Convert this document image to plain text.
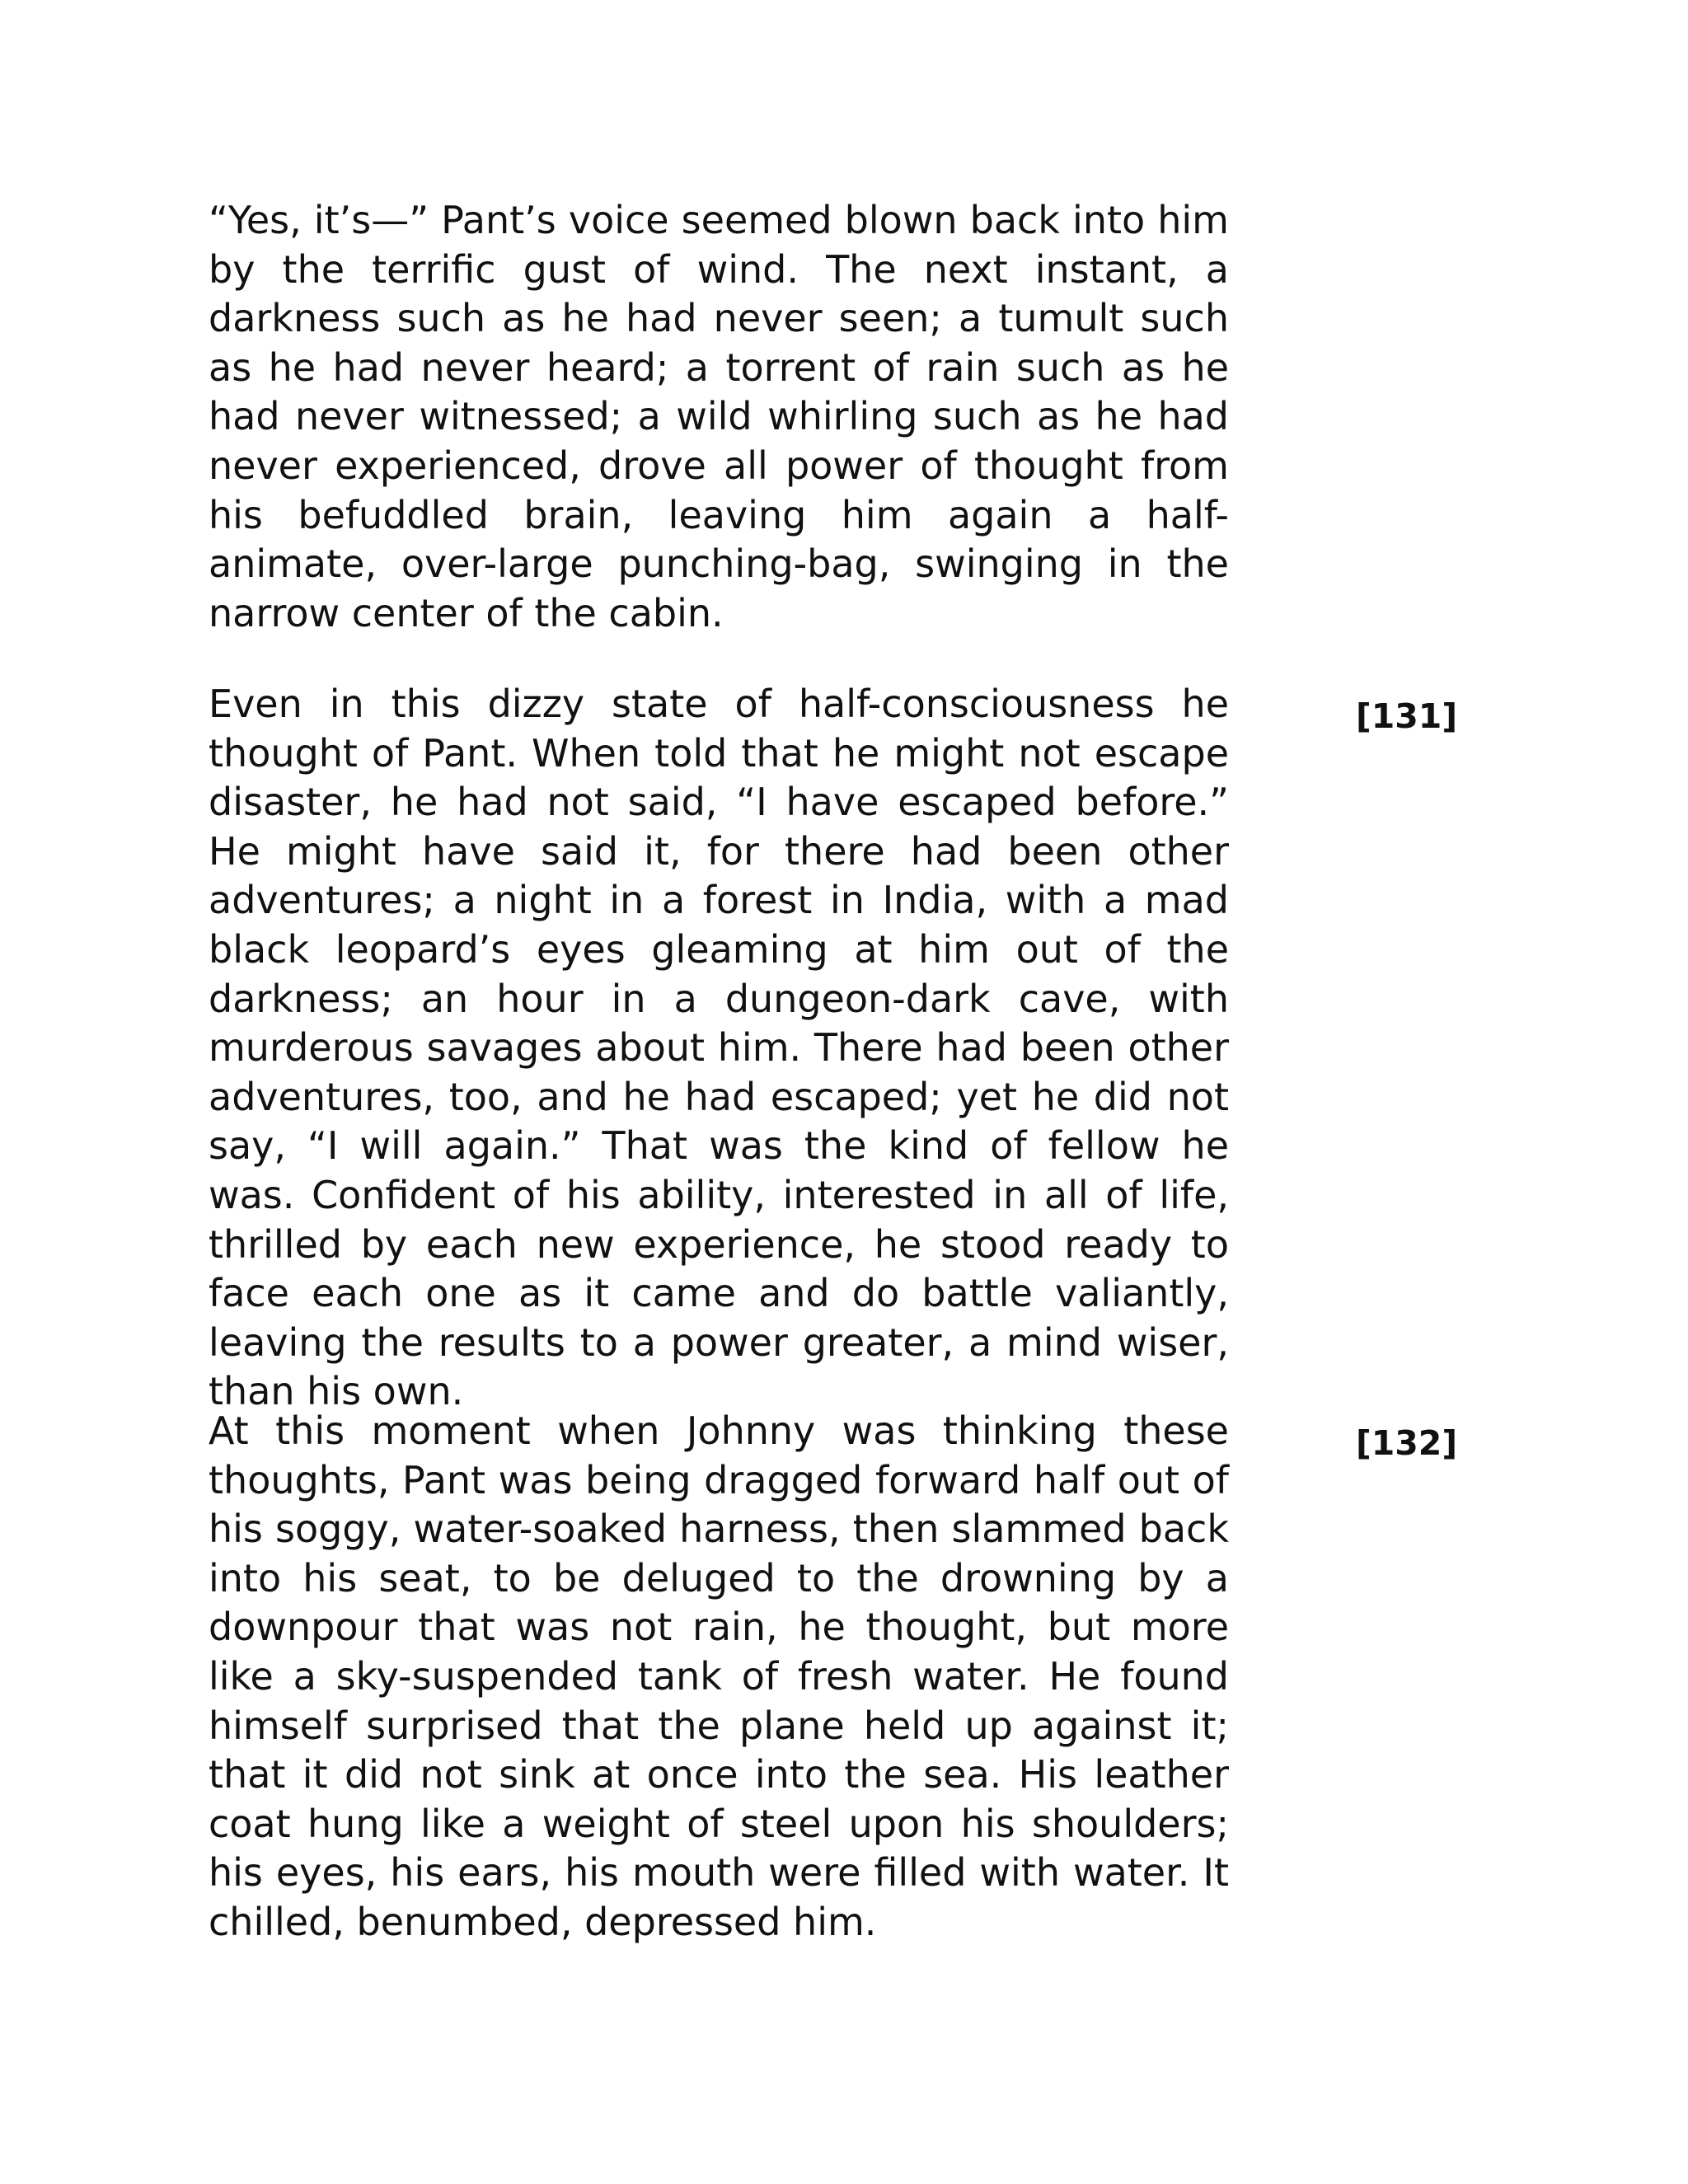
“Yes, it’s—” Pant’s voice seemed blown back into him by the terrific gust of wind. The next instant, a darkness such as he had never seen; a tumult such as he had never heard; a torrent of rain such as he had never witnessed; a wild whirling such as he had never experienced, drove all power of thought from his befuddled brain, leaving him again a half-animate, over-large punching-bag, swinging in the narrow center of the cabin.

Even in this dizzy state of half-consciousness he thought of Pant. When told that he might not escape disaster, he had not said, “I have escaped before.” He might have said it, for there had been other adventures; a night in a forest in India, with a mad black leopard’s eyes gleaming at him out of the darkness; an hour in a dungeon-dark cave, with murderous savages about him. There had been other adventures, too, and he had escaped; yet he did not say, “I will again.” That was the kind of fellow he was. Confident of his ability, interested in all of life, thrilled by each new experience, he stood ready to face each one as it came and do battle valiantly, leaving the results to a power greater, a mind wiser, than his own.

At this moment when Johnny was thinking these thoughts, Pant was being dragged forward half out of his soggy, water-soaked harness, then slammed back into his seat, to be deluged to the drowning by a downpour that was not rain, he thought, but more like a sky-suspended tank of fresh water. He found himself surprised that the plane held up against it; that it did not sink at once into the sea. His leather coat hung like a weight of steel upon his shoulders; his eyes, his ears, his mouth were filled with water. It chilled, benumbed, depressed him.

[131]
[132]
